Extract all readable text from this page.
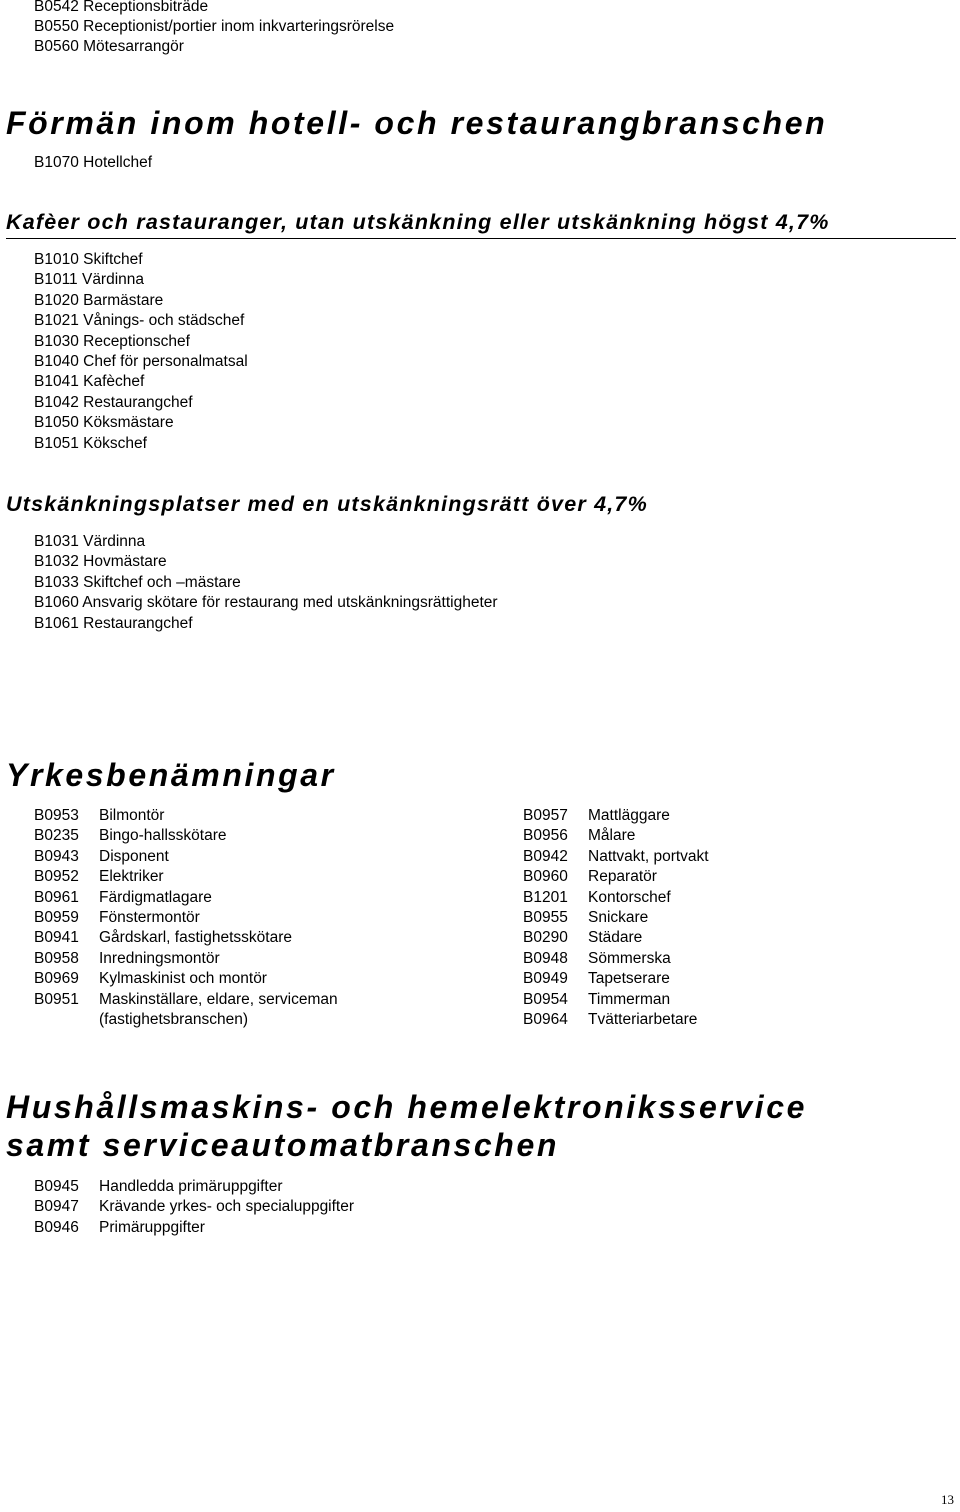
B0542 Receptionsbiträde
B0550 Receptionist/portier inom inkvarteringsrörelse
B0560 Mötesarrangör
Förmän inom hotell- och restaurangbranschen
B1070 Hotellchef
Kafèer och rastauranger, utan utskänkning eller utskänkning högst 4,7%
B1010 Skiftchef
B1011 Värdinna
B1020 Barmästare
B1021 Vånings- och städschef
B1030 Receptionschef
B1040 Chef för personalmatsal
B1041 Kafèchef
B1042 Restaurangchef
B1050 Köksmästare
B1051 Kökschef
Utskänkningsplatser med en utskänkningsrätt över 4,7%
B1031 Värdinna
B1032 Hovmästare
B1033 Skiftchef och –mästare
B1060 Ansvarig skötare för restaurang med utskänkningsrättigheter
B1061 Restaurangchef
Yrkesbenämningar
B0953	Bilmontör
B0235	Bingo-hallsskötare
B0943	Disponent
B0952	Elektriker
B0961	Färdigmatlagare
B0959	Fönstermontör
B0941	Gårdskarl, fastighetsskötare
B0958	Inredningsmontör
B0969	Kylmaskinist och montör
B0951	Maskinställare, eldare, serviceman
	(fastighetsbranschen)
B0957	Mattläggare
B0956	Målare
B0942	Nattvakt, portvakt
B0960	Reparatör
B1201	Kontorschef
B0955	Snickare
B0290	Städare
B0948	Sömmerska
B0949	Tapetserare
B0954	Timmerman
B0964	Tvätteriarbetare
Hushållsmaskins- och hemelektroniksservice
samt serviceautomatbranschen
B0945	Handledda primäruppgifter
B0947	Krävande yrkes- och specialuppgifter
B0946	Primäruppgifter
13
